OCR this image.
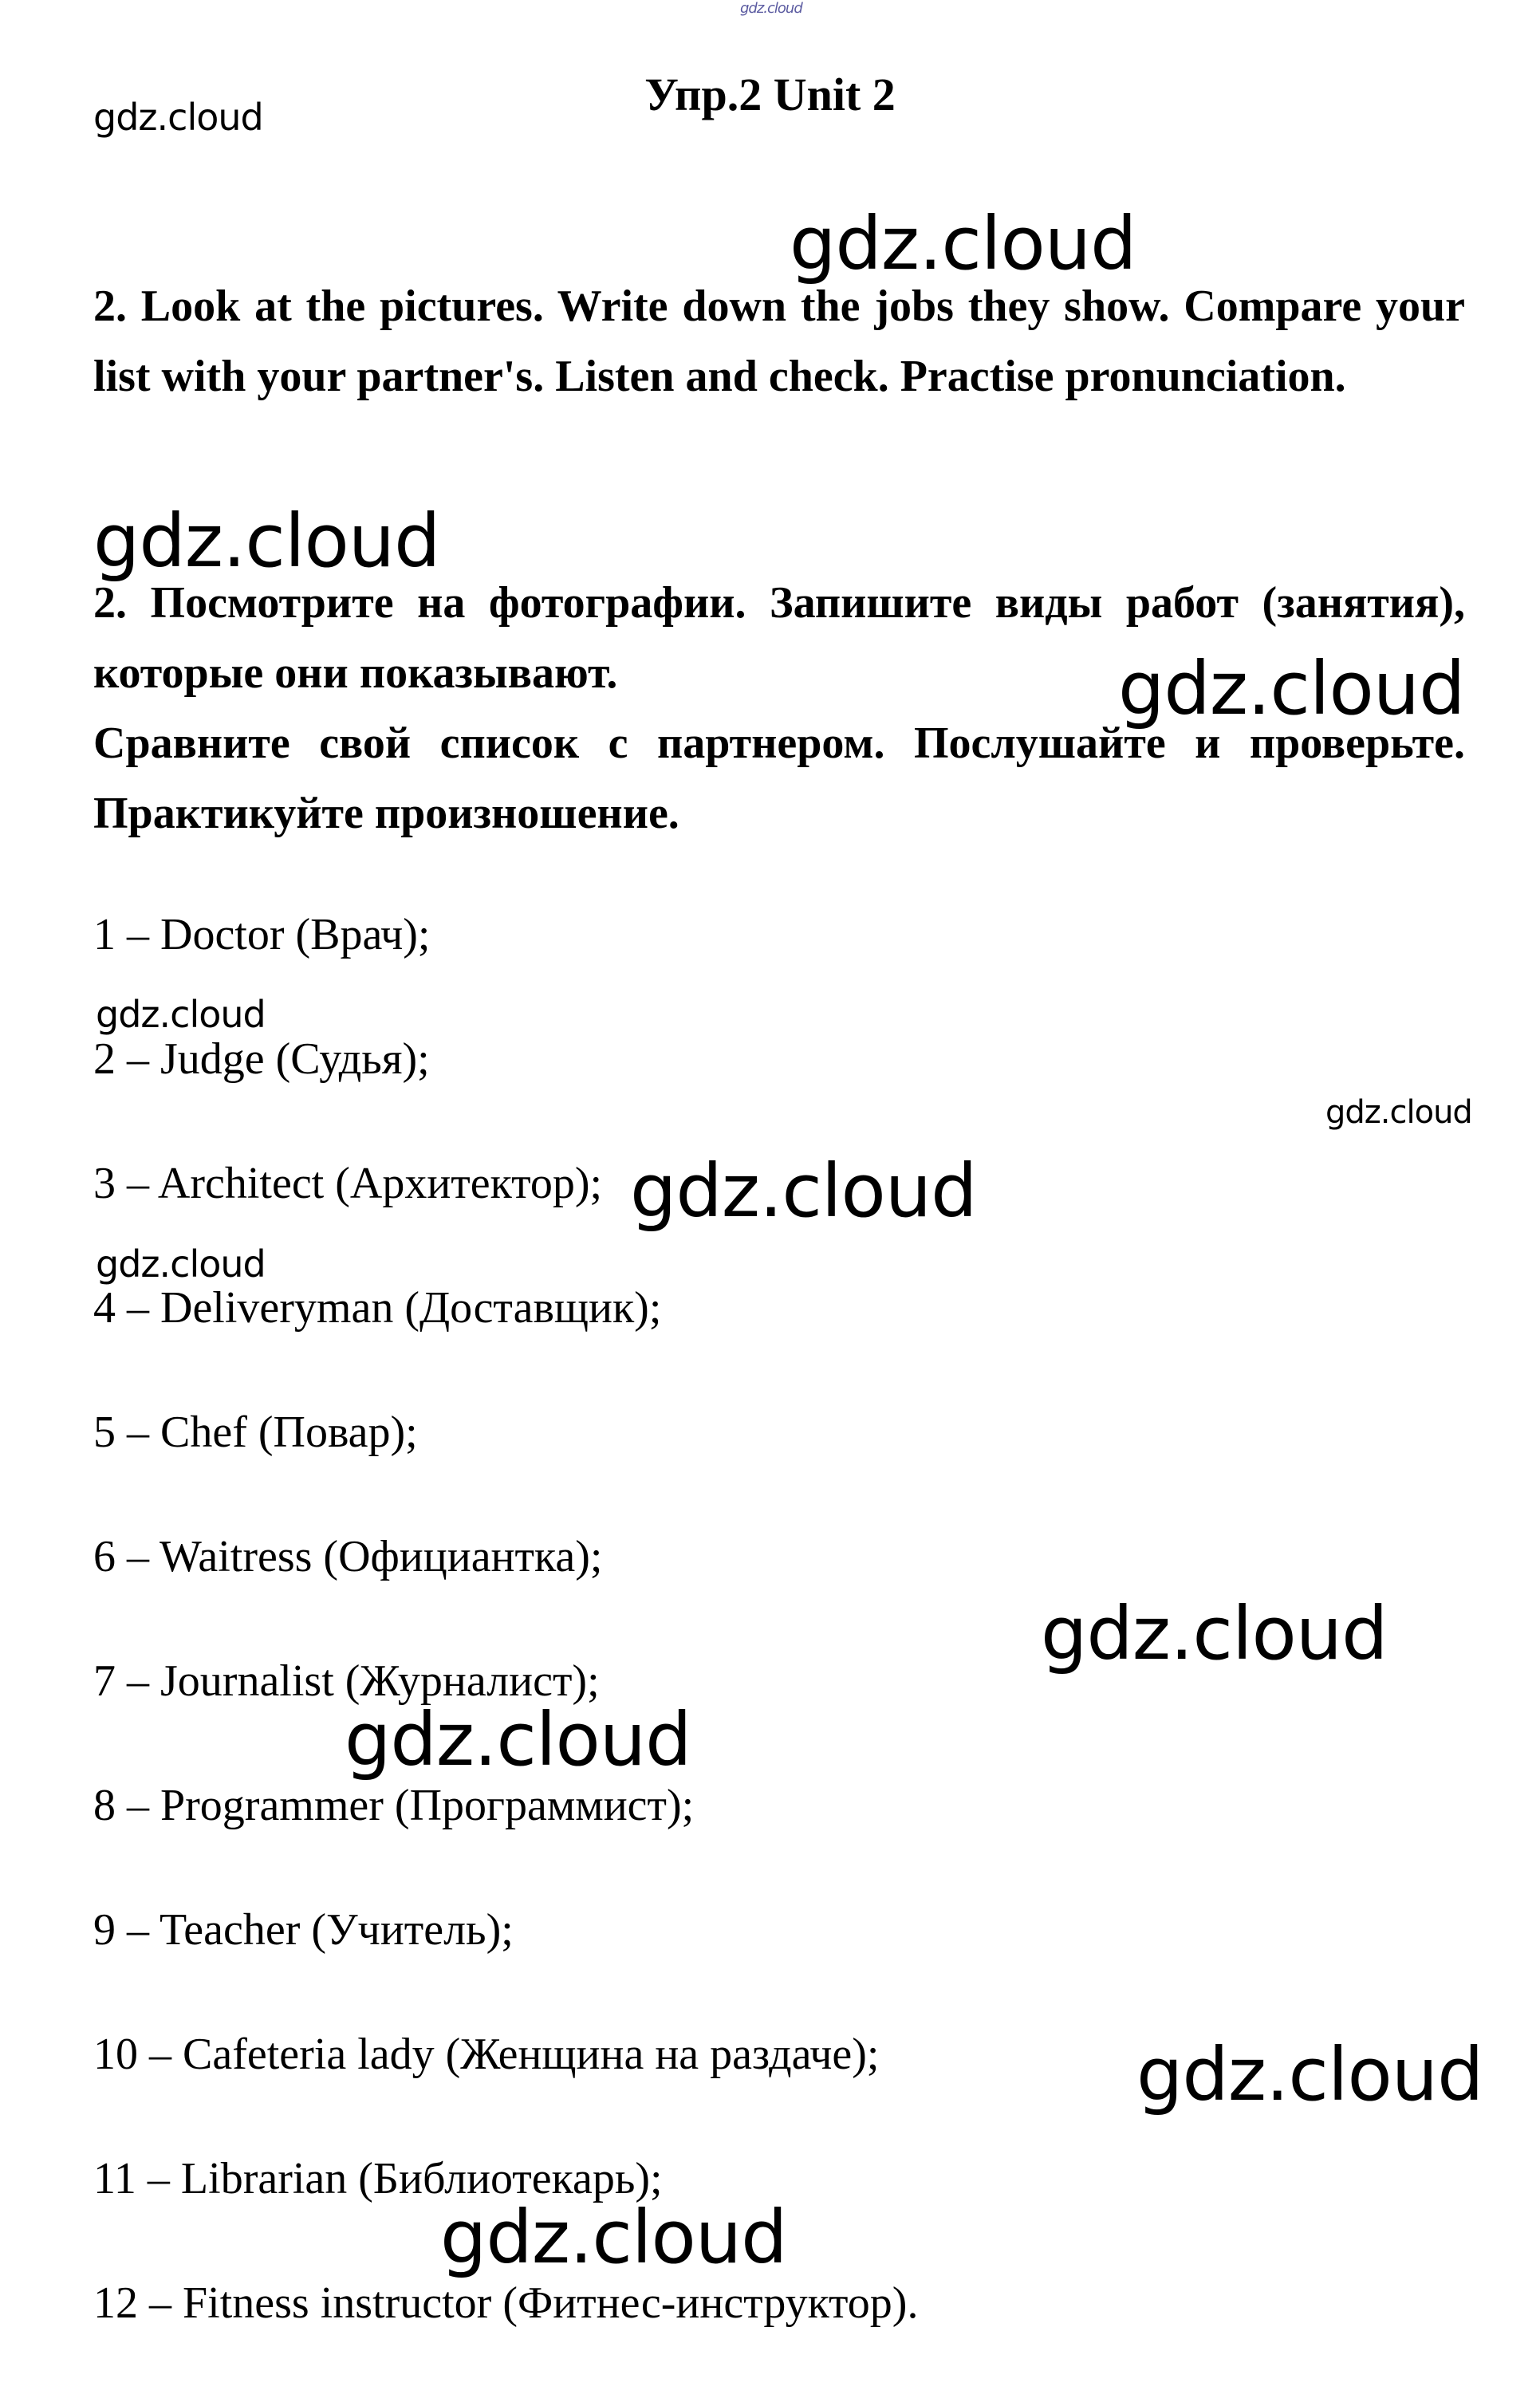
gdz.cloud
gdz.cloud
gdz.cloud
gdz.cloud
gdz.cloud
gdz.cloud
gdz.cloud
gdz.cloud
gdz.cloud
gdz.cloud
gdz.cloud
gdz.cloud
gdz.cloud
Упр.2 Unit 2

2. Look at the pictures. Write down the jobs they show. Compare your list with your partner's. Listen and check. Practise pronunciation.

2. Посмотрите на фотографии. Запишите виды работ (занятия), которые они показывают.
Сравните свой список с партнером. Послушайте и проверьте. Практикуйте произношение.
1 – Doctor (Врач);
2 – Judge (Судья);
3 – Architect (Архитектор);
4 – Deliveryman (Доставщик);
5 – Chef (Повар);
6 – Waitress (Официантка);
7 – Journalist (Журналист);
8 – Programmer (Программист);
9 – Teacher (Учитель);
10 – Cafeteria lady (Женщина на раздаче);
11 – Librarian (Библиотекарь);
12 – Fitness instructor (Фитнес-инструктор).
